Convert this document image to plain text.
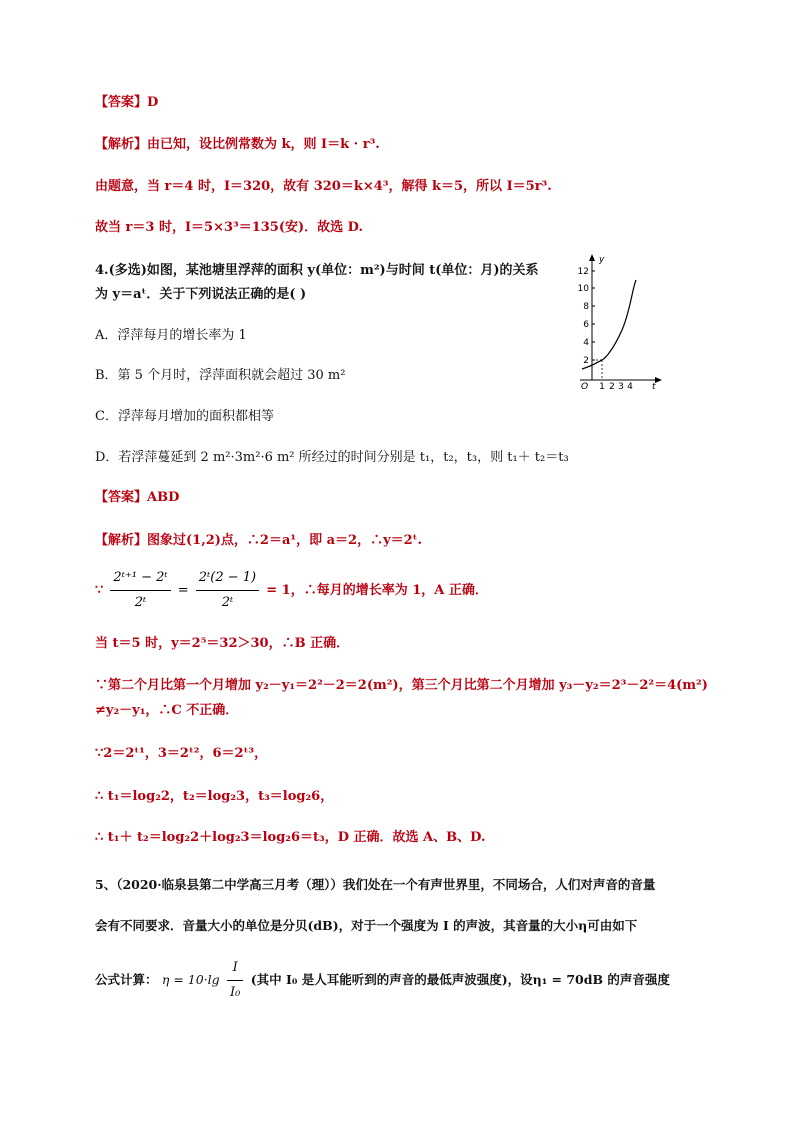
【答案】D
【解析】由已知，设比例常数为 k，则 I＝k · r³.
由题意，当 r＝4 时，I＝320，故有 320＝k×4³，解得 k＝5，所以 I＝5r³.
故当 r＝3 时，I＝5×3³＝135(安)．故选 D.
4.(多选)如图，某池塘里浮萍的面积 y(单位：m²)与时间 t(单位：月)的关系
为 y＝aᵗ．关于下列说法正确的是( )
A．浮萍每月的增长率为 1
B．第 5 个月时，浮萍面积就会超过 30 m²
C．浮萍每月增加的面积都相等
D．若浮萍蔓延到 2 m²·3m²·6 m² 所经过的时间分别是 t₁，t₂，t₃，则 t₁＋ t₂＝t₃
y
t
O
2
4
6
8
10
12
1 2 3 4
【答案】ABD
【解析】图象过(1,2)点，∴2＝a¹，即 a＝2，∴y＝2ᵗ.
∵ $\frac{\text{2ᵗ⁺¹ − 2ᵗ}}{\text{2ᵗ}} = \frac{\text{2ᵗ(2 − 1)}}{\text{2ᵗ}} = 1$，∴每月的增长率为 1，A 正确．
当 t＝5 时，y＝2⁵＝32＞30，∴B 正确．
∵第二个月比第一个月增加 y₂－y₁＝2²－2＝2(m²)，第三个月比第二个月增加 y₃－y₂＝2³－2²＝4(m²)
≠y₂－y₁，∴C 不正确．
∵2＝2ᵗ¹，3＝2ᵗ²，6＝2ᵗ³，
∴ t₁＝log₂2，t₂＝log₂3，t₃＝log₂6，
∴ t₁＋ t₂＝log₂2＋log₂3＝log₂6＝t₃，D 正确．故选 A、B、D.
5、（2020·临泉县第二中学高三月考（理））我们处在一个有声世界里，不同场合，人们对声音的音量
会有不同要求．音量大小的单位是分贝(dB)，对于一个强度为 I 的声波，其音量的大小η可由如下
公式计算： $\eta = 10\cdot\lg \frac{I}{\text{I₀}}$ (其中 I₀ 是人耳能听到的声音的最低声波强度)，设η₁ = 70dB 的声音强度
